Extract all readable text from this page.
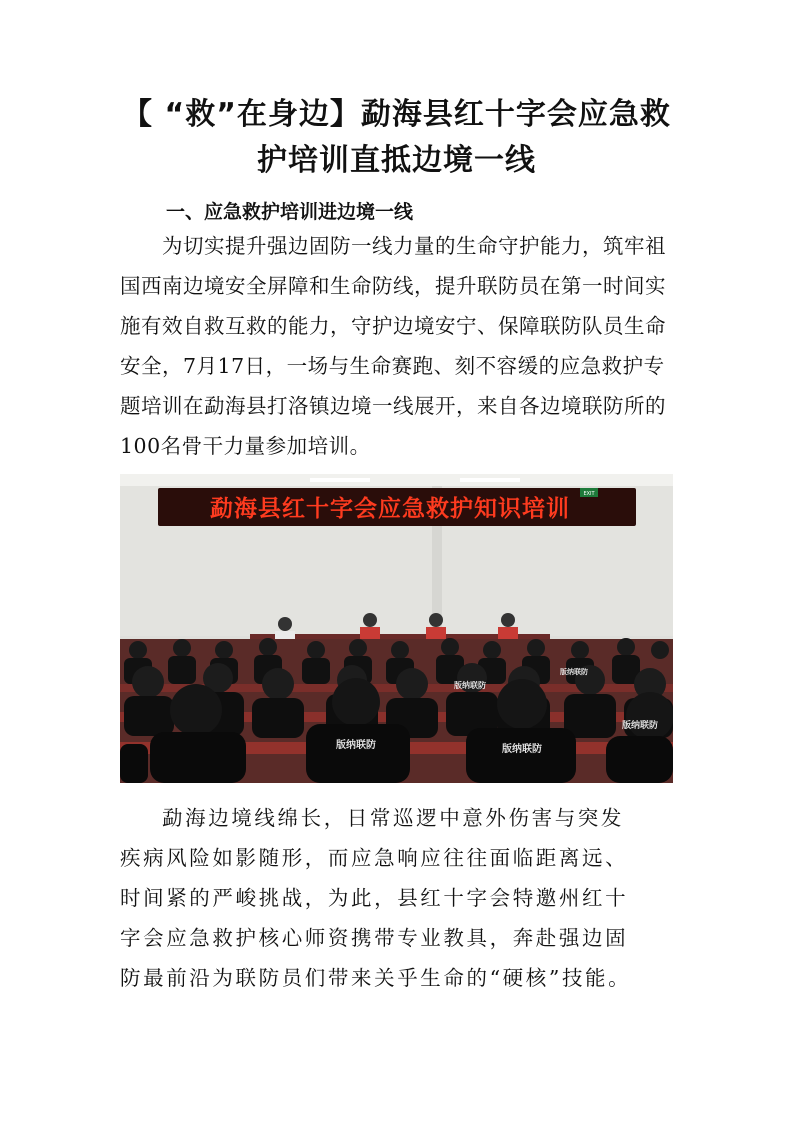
【 “救”在身边】勐海县红十字会应急救
护培训直抵边境一线
一、应急救护培训进边境一线
为切实提升强边固防一线力量的生命守护能力，筑牢祖
国西南边境安全屏障和生命防线，提升联防员在第一时间实
施有效自救互救的能力，守护边境安宁、保障联防队员生命
安全，7月17日，一场与生命赛跑、刻不容缓的应急救护专
题培训在勐海县打洛镇边境一线展开，来自各边境联防所的
100名骨干力量参加培训。
勐海县红十字会应急救护知识培训
EXIT
版纳联防	版纳联防
版纳联防
版纳联防
版纳联防
勐海边境线绵长，日常巡逻中意外伤害与突发
疾病风险如影随形，而应急响应往往面临距离远、
时间紧的严峻挑战，为此，县红十字会特邀州红十
字会应急救护核心师资携带专业教具，奔赴强边固
防最前沿为联防员们带来关乎生命的“硬核”技能。
